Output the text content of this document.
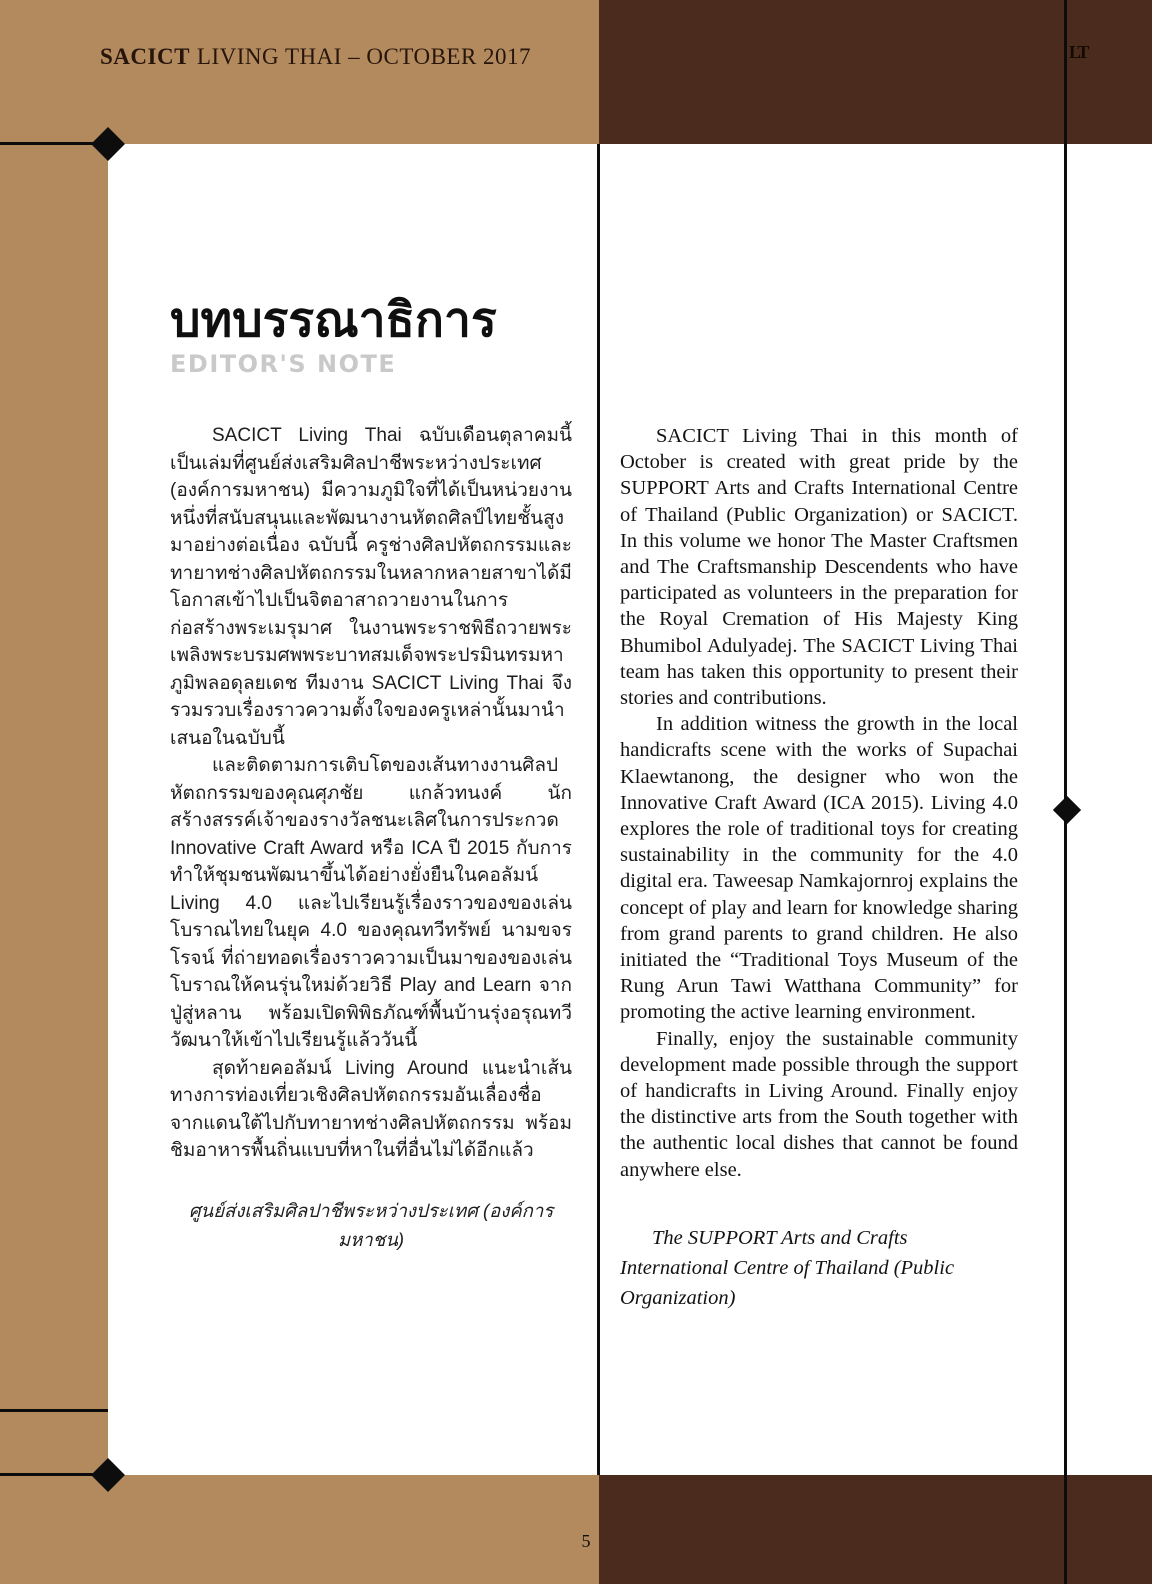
SACICT LIVING THAI – OCTOBER 2017	LT
บทบรรณาธิการ
EDITOR'S NOTE

SACICT Living Thai ฉบับเดือนตุลาคมนี้ เป็นเล่มที่ศูนย์ส่งเสริมศิลปาชีพระหว่างประเทศ (องค์การมหาชน) มีความภูมิใจที่ได้เป็นหน่วยงานหนึ่งที่สนับสนุนและพัฒนางานหัตถศิลป์ไทยชั้นสูงมาอย่างต่อเนื่อง ฉบับนี้ ครูช่างศิลปหัตถกรรมและทายาทช่างศิลปหัตถกรรมในหลากหลายสาขาได้มีโอกาสเข้าไปเป็นจิตอาสาถวายงานในการก่อสร้างพระเมรุมาศ ในงานพระราชพิธีถวายพระเพลิงพระบรมศพพระบาทสมเด็จพระปรมินทรมหาภูมิพลอดุลยเดช ทีมงาน SACICT Living Thai จึงรวมรวบเรื่องราวความตั้งใจของครูเหล่านั้นมานำเสนอในฉบับนี้

และติดตามการเติบโตของเส้นทางงานศิลปหัตถกรรมของคุณศุภชัย แกล้วทนงค์ นักสร้างสรรค์เจ้าของรางวัลชนะเลิศในการประกวด Innovative Craft Award หรือ ICA ปี 2015 กับการทำให้ชุมชนพัฒนาขึ้นได้อย่างยั่งยืนในคอลัมน์ Living 4.0 และไปเรียนรู้เรื่องราวของของเล่นโบราณไทยในยุค 4.0 ของคุณทวีทรัพย์ นามขจรโรจน์ ที่ถ่ายทอดเรื่องราวความเป็นมาของของเล่นโบราณให้คนรุ่นใหม่ด้วยวิธี Play and Learn จากปู่สู่หลาน พร้อมเปิดพิพิธภัณฑ์พื้นบ้านรุ่งอรุณทวีวัฒนาให้เข้าไปเรียนรู้แล้ววันนี้

สุดท้ายคอลัมน์ Living Around แนะนำเส้นทางการท่องเที่ยวเชิงศิลปหัตถกรรมอันเลื่องชื่อจากแดนใต้ไปกับทายาทช่างศิลปหัตถกรรม พร้อมชิมอาหารพื้นถิ่นแบบที่หาในที่อื่นไม่ได้อีกแล้ว

ศูนย์ส่งเสริมศิลปาชีพระหว่างประเทศ (องค์การมหาชน)

SACICT Living Thai in this month of October is created with great pride by the SUPPORT Arts and Crafts International Centre of Thailand (Public Organization) or SACICT. In this volume we honor The Master Craftsmen and The Craftsmanship Descendents who have participated as volunteers in the preparation for the Royal Cremation of His Majesty King Bhumibol Adulyadej. The SACICT Living Thai team has taken this opportunity to present their stories and contributions.

In addition witness the growth in the local handicrafts scene with the works of Supachai Klaewtanong, the designer who won the Innovative Craft Award (ICA 2015). Living 4.0 explores the role of traditional toys for creating sustainability in the community for the 4.0 digital era. Taweesap Namkajornroj explains the concept of play and learn for knowledge sharing from grand parents to grand children. He also initiated the “Traditional Toys Museum of the Rung Arun Tawi Watthana Community” for promoting the active learning environment.

Finally, enjoy the sustainable community development made possible through the support of handicrafts in Living Around. Finally enjoy the distinctive arts from the South together with the authentic local dishes that cannot be found anywhere else.

The SUPPORT Arts and Crafts International Centre of Thailand (Public Organization)
5
